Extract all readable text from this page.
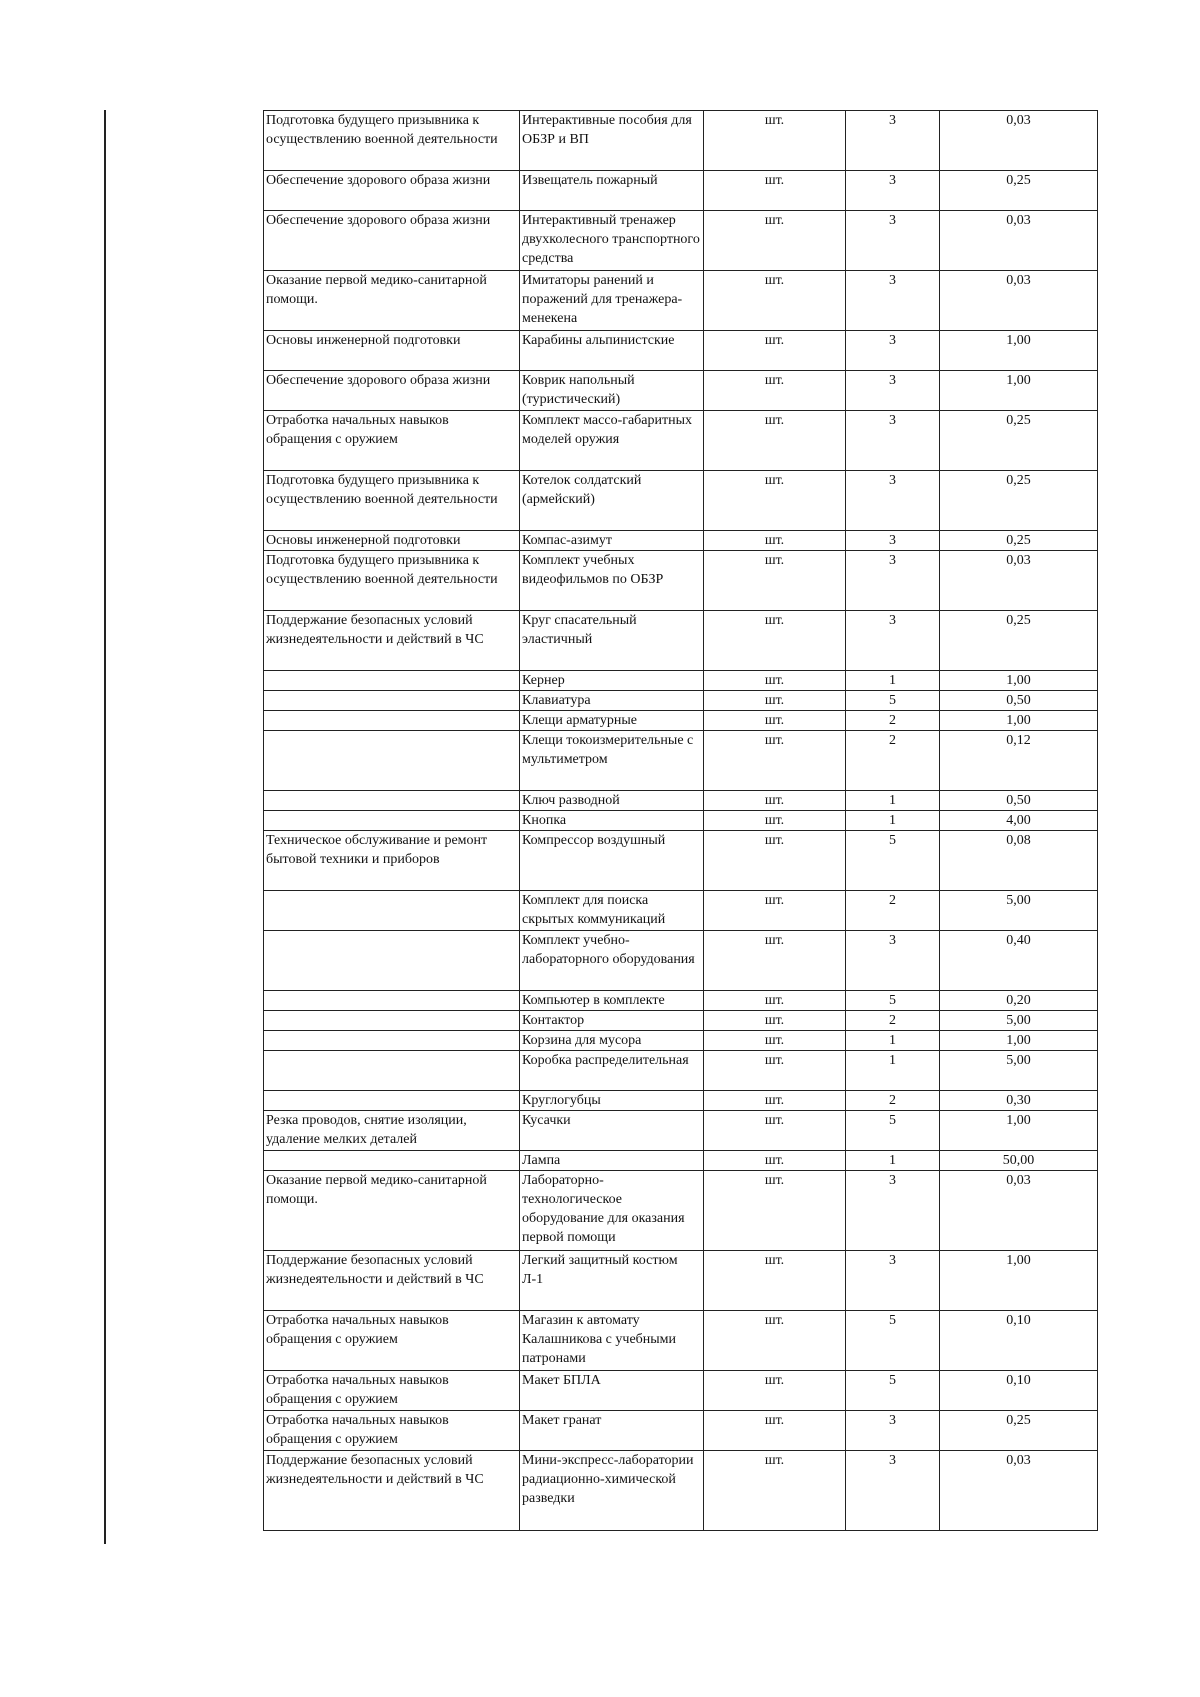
Подготовка будущего призывника к осуществлению военной деятельности	Интерактивные пособия для ОБЗР и ВП	шт.	3	0,03
Обеспечение здорового образа жизни	Извещатель пожарный	шт.	3	0,25
Обеспечение здорового образа жизни	Интерактивный тренажер двухколесного транспортного средства	шт.	3	0,03
Оказание первой медико-санитарной помощи.	Имитаторы ранений и поражений для тренажера-менекена	шт.	3	0,03
Основы инженерной подготовки	Карабины альпинистские	шт.	3	1,00
Обеспечение здорового образа жизни	Коврик напольный (туристический)	шт.	3	1,00
Отработка начальных навыков обращения с оружием	Комплект массо-габаритных моделей оружия	шт.	3	0,25
Подготовка будущего призывника к осуществлению военной деятельности	Котелок солдатский (армейский)	шт.	3	0,25
Основы инженерной подготовки	Компас-азимут	шт.	3	0,25
Подготовка будущего призывника к осуществлению военной деятельности	Комплект учебных видеофильмов по ОБЗР	шт.	3	0,03
Поддержание безопасных условий жизнедеятельности и действий в ЧС	Круг спасательный эластичный	шт.	3	0,25
	Кернер	шт.	1	1,00
	Клавиатура	шт.	5	0,50
	Клещи арматурные	шт.	2	1,00
	Клещи токоизмерительные с мультиметром	шт.	2	0,12
	Ключ разводной	шт.	1	0,50
	Кнопка	шт.	1	4,00
Техническое обслуживание и ремонт бытовой техники и приборов	Компрессор воздушный	шт.	5	0,08
	Комплект для поиска скрытых коммуникаций	шт.	2	5,00
	Комплект учебно-лабораторного оборудования	шт.	3	0,40
	Компьютер в комплекте	шт.	5	0,20
	Контактор	шт.	2	5,00
	Корзина для мусора	шт.	1	1,00
	Коробка распределительная	шт.	1	5,00
	Круглогубцы	шт.	2	0,30
Резка проводов, снятие изоляции, удаление мелких деталей	Кусачки	шт.	5	1,00
	Лампа	шт.	1	50,00
Оказание первой медико-санитарной помощи.	Лабораторно-технологическое оборудование для оказания первой помощи	шт.	3	0,03
Поддержание безопасных условий жизнедеятельности и действий в ЧС	Легкий защитный костюм Л-1	шт.	3	1,00
Отработка начальных навыков обращения с оружием	Магазин к автомату Калашникова с учебными патронами	шт.	5	0,10
Отработка начальных навыков обращения с оружием	Макет БПЛА	шт.	5	0,10
Отработка начальных навыков обращения с оружием	Макет гранат	шт.	3	0,25
Поддержание безопасных условий жизнедеятельности и действий в ЧС	Мини-экспресс-лаборатории радиационно-химической разведки	шт.	3	0,03
